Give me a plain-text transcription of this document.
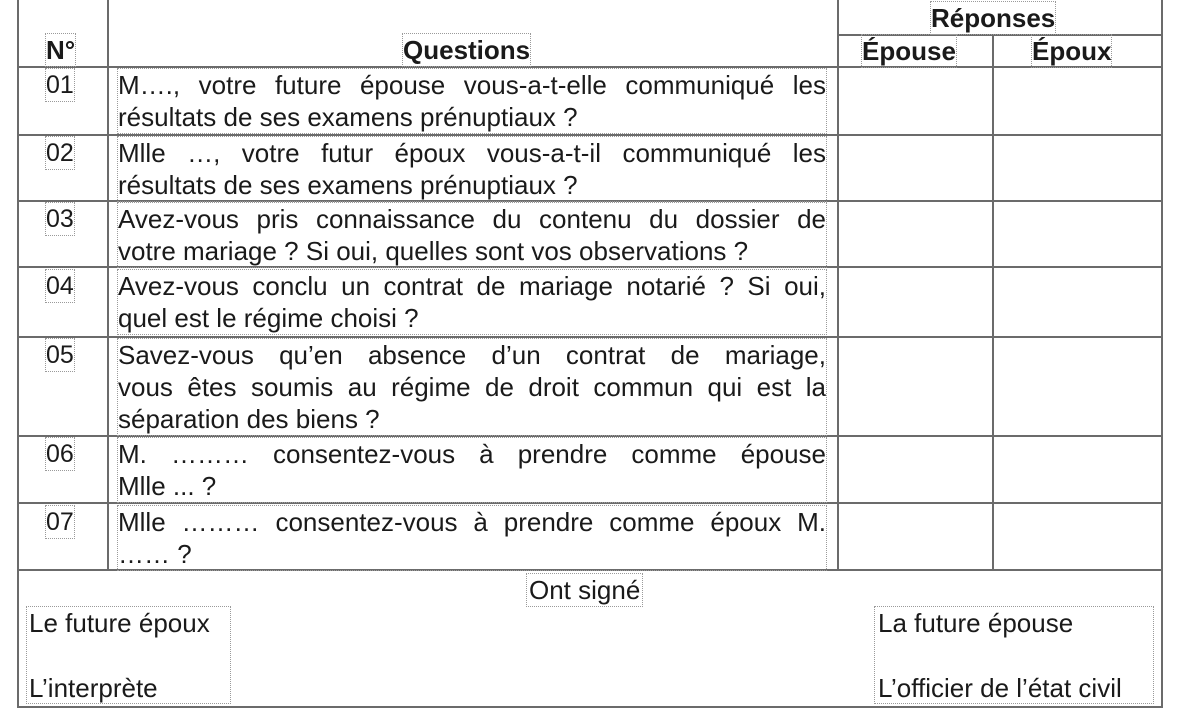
N°	Questions
Réponses
Épouse	Époux
01 M…., votre future épouse vous-a-t-elle communiqué les
résultats de ses examens prénuptiaux ?
02 Mlle …, votre futur époux vous-a-t-il communiqué les
résultats de ses examens prénuptiaux ?
03 Avez-vous pris connaissance du contenu du dossier de
votre mariage ? Si oui, quelles sont vos observations ?
04 Avez-vous conclu un contrat de mariage notarié ? Si oui,
quel est le régime choisi ?
05 Savez-vous qu’en absence d’un contrat de mariage,
vous êtes soumis au régime de droit commun qui est la
séparation des biens ?
06 M. ……… consentez-vous à prendre comme épouse
Mlle ... ?
07 Mlle ……… consentez-vous à prendre comme époux M.
…… ?
Ont signé
Le future époux
L’interprète
La future épouse
L’officier de l’état civil
